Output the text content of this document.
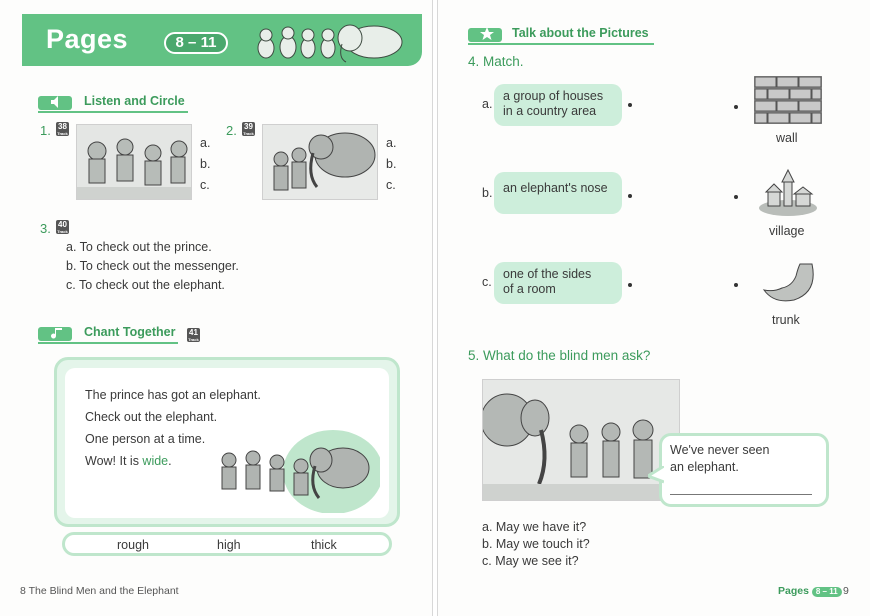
Pages	8 – 11
Listen and Circle
1. 38
Track
a.
b.
c.
2. 39
Track
a.
b.
c.
3. 40
Track
a. To check out the prince.
b. To check out the messenger.
c. To check out the elephant.
Chant Together 41
Track
The prince has got an elephant.
Check out the elephant.
One person at a time.
Wow! It is wide.
rough	high	thick
8 The Blind Men and the Elephant
Talk about the Pictures
4. Match.
a.
a group of houses
in a country area
b. an elephant's nose
c.
one of the sides
of a room
wall
village
trunk
5. What do the blind men ask?
a. May we have it?
b. May we touch it?
c. May we see it?
Pages 8 – 11 9
We've never seen
an elephant.
